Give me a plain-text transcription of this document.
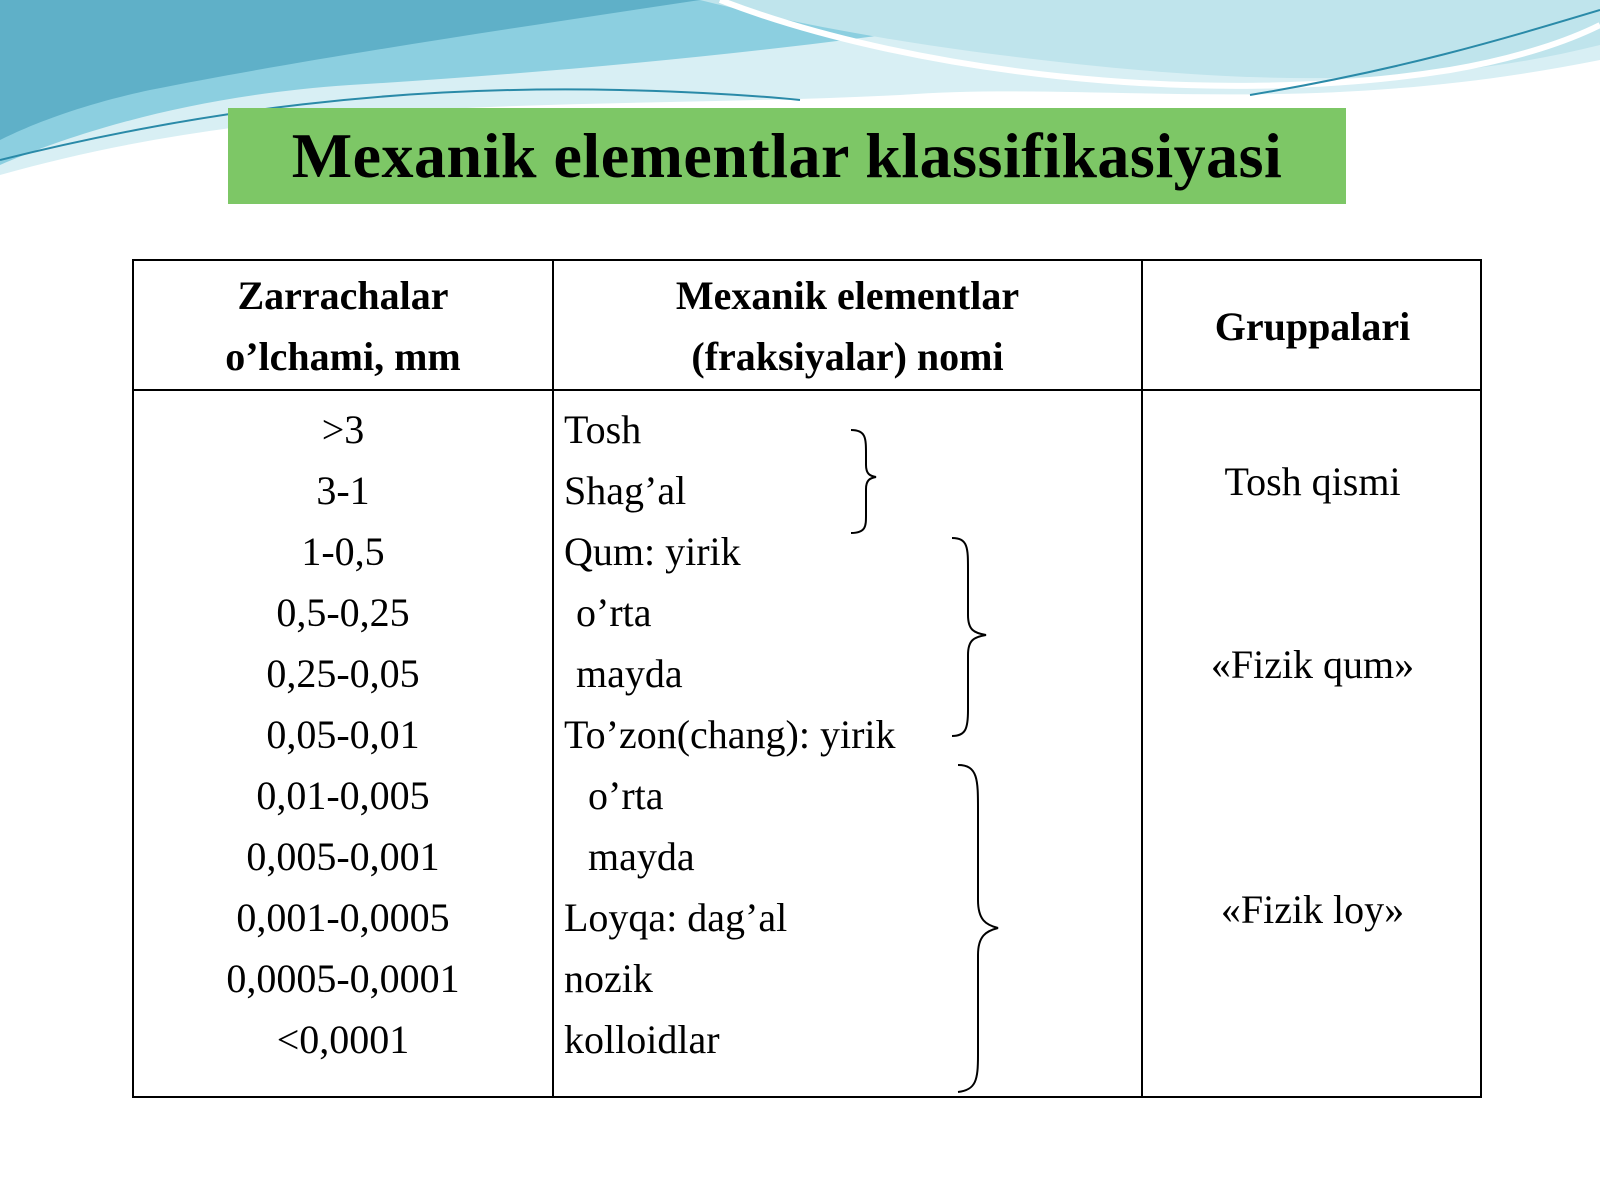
Mexanik elementlar klassifikasiyasi
Zarrachalar
o’lchami, mm
Mexanik elementlar
(fraksiyalar) nomi
Gruppalari
>3
3-1
1-0,5
0,5-0,25
0,25-0,05
0,05-0,01
0,01-0,005
0,005-0,001
0,001-0,0005
0,0005-0,0001
<0,0001
Tosh
Shag’al
Qum: yirik
o’rta
mayda
To’zon(chang): yirik
o’rta
mayda
Loyqa: dag’al
nozik
kolloidlar
Tosh qismi
«Fizik qum»
«Fizik loy»
